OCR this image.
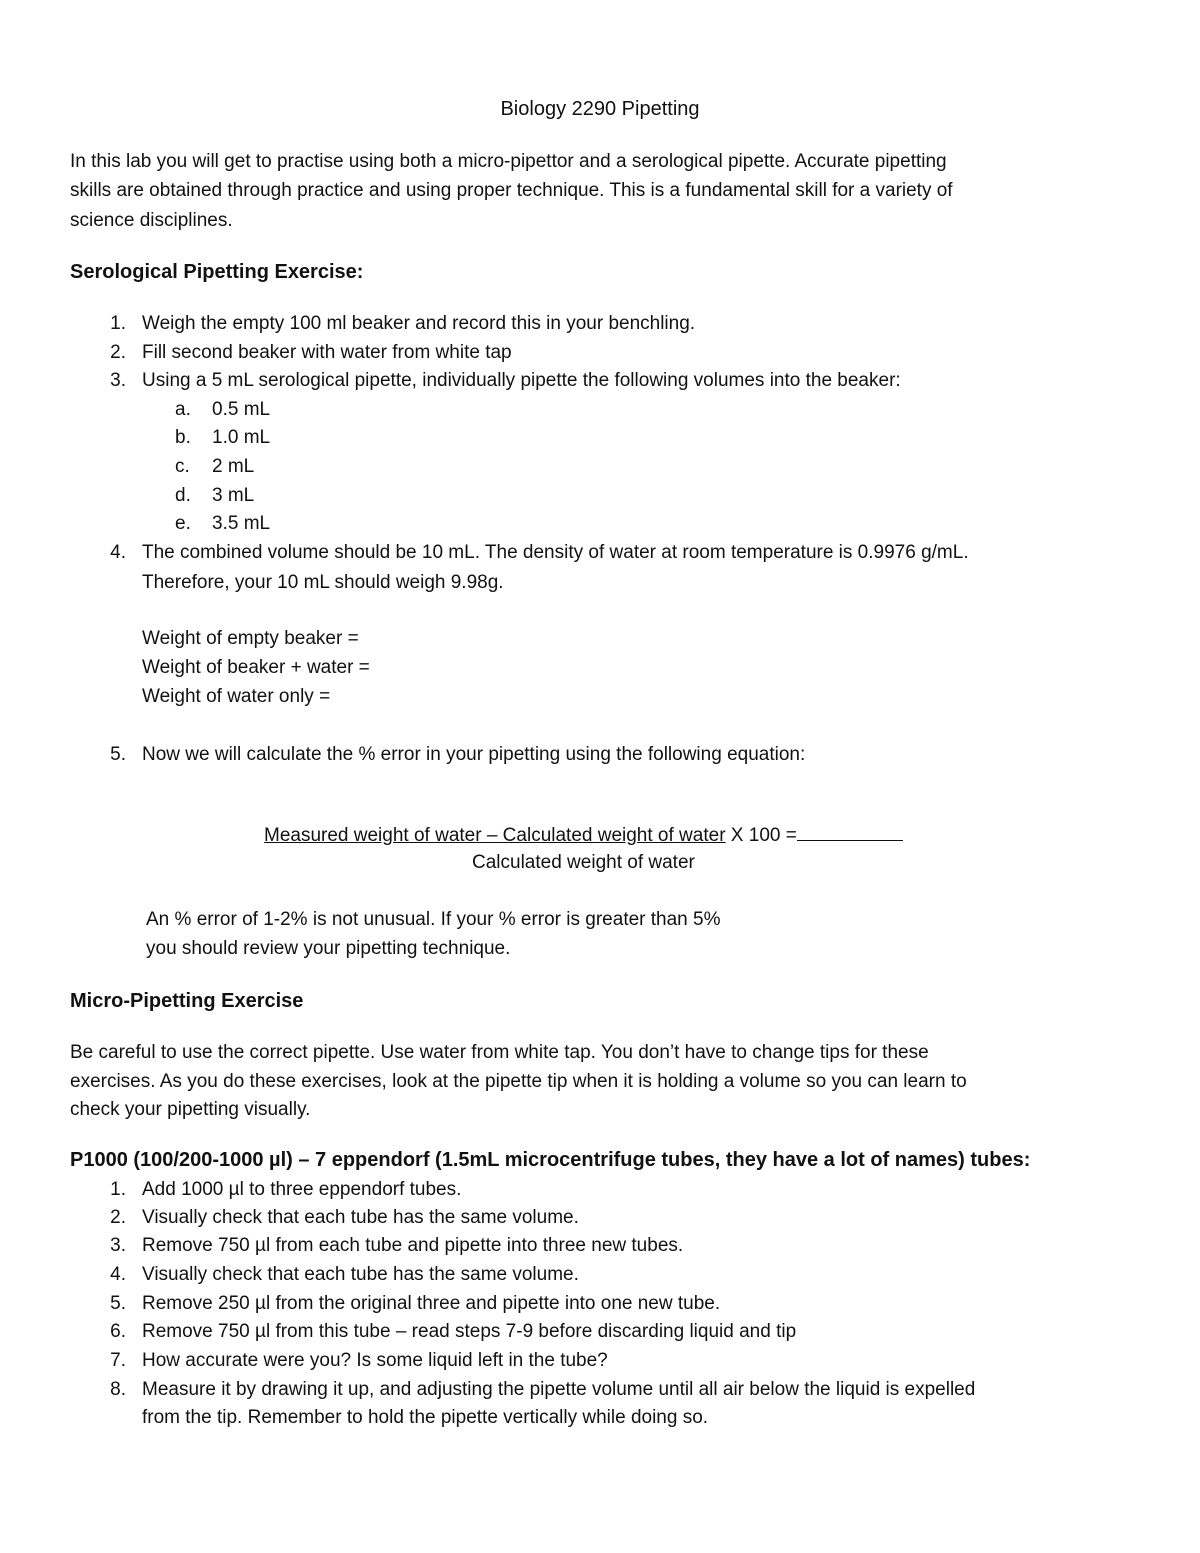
Biology 2290 Pipetting
In this lab you will get to practise using both a micro-pipettor and a serological pipette. Accurate pipetting
skills are obtained through practice and using proper technique. This is a fundamental skill for a variety of
science disciplines.
Serological Pipetting Exercise:
1. Weigh the empty 100 ml beaker and record this in your benchling.
2. Fill second beaker with water from white tap
3. Using a 5 mL serological pipette, individually pipette the following volumes into the beaker:
a. 0.5 mL
b. 1.0 mL
c. 2 mL
d. 3 mL
e. 3.5 mL
4. The combined volume should be 10 mL. The density of water at room temperature is 0.9976 g/mL.
Therefore, your 10 mL should weigh 9.98g.
Weight of empty beaker =
Weight of beaker + water =
Weight of water only =
5. Now we will calculate the % error in your pipetting using the following equation:
Measured weight of water – Calculated weight of water X 100 =
Calculated weight of water
An % error of 1-2% is not unusual. If your % error is greater than 5%
you should review your pipetting technique.
Micro-Pipetting Exercise
Be careful to use the correct pipette. Use water from white tap. You don’t have to change tips for these
exercises. As you do these exercises, look at the pipette tip when it is holding a volume so you can learn to
check your pipetting visually.
P1000 (100/200-1000 µl) – 7 eppendorf (1.5mL microcentrifuge tubes, they have a lot of names) tubes:
1. Add 1000 µl to three eppendorf tubes.
2. Visually check that each tube has the same volume.
3. Remove 750 µl from each tube and pipette into three new tubes.
4. Visually check that each tube has the same volume.
5. Remove 250 µl from the original three and pipette into one new tube.
6. Remove 750 µl from this tube – read steps 7-9 before discarding liquid and tip
7. How accurate were you? Is some liquid left in the tube?
8. Measure it by drawing it up, and adjusting the pipette volume until all air below the liquid is expelled
from the tip. Remember to hold the pipette vertically while doing so.
